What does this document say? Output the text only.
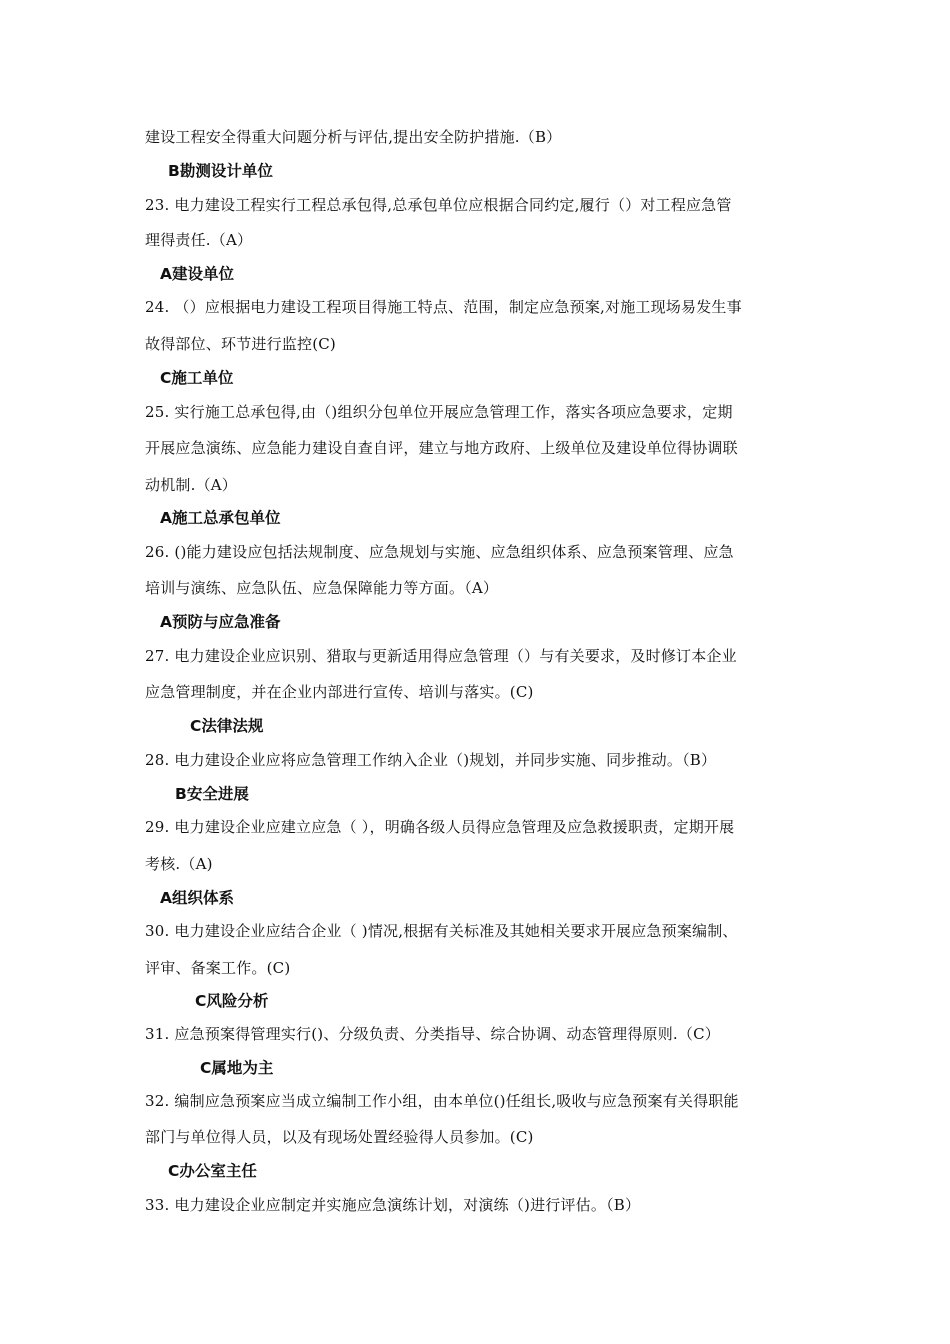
建设工程安全得重大问题分析与评估,提出安全防护措施.（B）
B勘测设计单位
23. 电力建设工程实行工程总承包得,总承包单位应根据合同约定,履行（）对工程应急管
理得责任.（A）
A建设单位
24. （）应根据电力建设工程项目得施工特点、范围，制定应急预案,对施工现场易发生事
故得部位、环节进行监控(C)
C施工单位
25. 实行施工总承包得,由（)组织分包单位开展应急管理工作，落实各项应急要求，定期
开展应急演练、应急能力建设自查自评，建立与地方政府、上级单位及建设单位得协调联
动机制.（A）
A施工总承包单位
26. ()能力建设应包括法规制度、应急规划与实施、应急组织体系、应急预案管理、应急
培训与演练、应急队伍、应急保障能力等方面。（A）
A预防与应急准备
27. 电力建设企业应识别、猎取与更新适用得应急管理（）与有关要求，及时修订本企业
应急管理制度，并在企业内部进行宣传、培训与落实。(C)
C法律法规
28. 电力建设企业应将应急管理工作纳入企业（)规划，并同步实施、同步推动。（B）
B安全进展
29. 电力建设企业应建立应急（ ），明确各级人员得应急管理及应急救援职责，定期开展
考核.（A)
A组织体系
30. 电力建设企业应结合企业（ )情况,根据有关标准及其她相关要求开展应急预案编制、
评审、备案工作。(C)
C风险分析
31. 应急预案得管理实行()、分级负责、分类指导、综合协调、动态管理得原则.（C）
C属地为主
32. 编制应急预案应当成立编制工作小组，由本单位()任组长,吸收与应急预案有关得职能
部门与单位得人员，以及有现场处置经验得人员参加。(C)
C办公室主任
33. 电力建设企业应制定并实施应急演练计划，对演练（)进行评估。（B）
